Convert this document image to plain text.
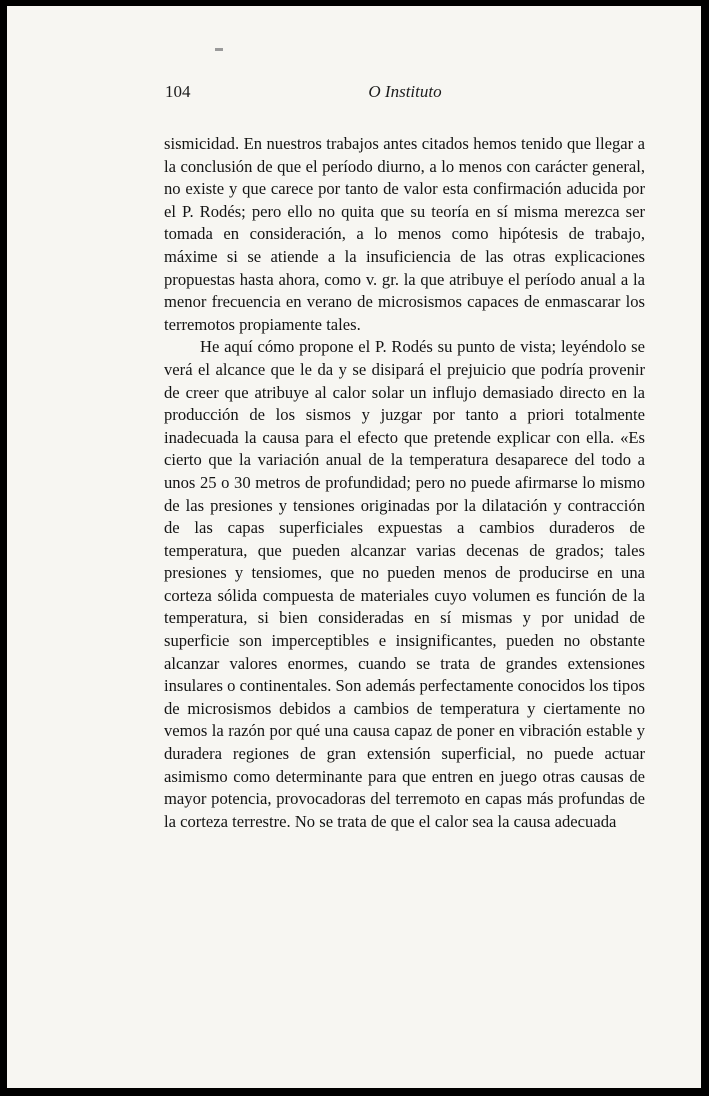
104	O Instituto

sismicidad. En nuestros trabajos antes citados hemos tenido que llegar a la conclusión de que el período diurno, a lo menos con carácter general, no existe y que carece por tanto de valor esta confirmación aducida por el P. Rodés; pero ello no quita que su teoría en sí misma merezca ser tomada en consideración, a lo menos como hipótesis de trabajo, máxime si se atiende a la insuficiencia de las otras explicaciones propuestas hasta ahora, como v. gr. la que atribuye el período anual a la menor frecuencia en verano de microsismos capaces de enmascarar los terremotos propiamente tales.

He aquí cómo propone el P. Rodés su punto de vista; leyéndolo se verá el alcance que le da y se disipará el prejuicio que podría provenir de creer que atribuye al calor solar un influjo demasiado directo en la producción de los sismos y juzgar por tanto a priori totalmente inadecuada la causa para el efecto que pretende explicar con ella. «Es cierto que la variación anual de la temperatura desaparece del todo a unos 25 o 30 metros de profundidad; pero no puede afirmarse lo mismo de las presiones y tensiones originadas por la dilatación y contracción de las capas superficiales expuestas a cambios duraderos de temperatura, que pueden alcanzar varias decenas de grados; tales presiones y tensiomes, que no pueden menos de producirse en una corteza sólida compuesta de materiales cuyo volumen es función de la temperatura, si bien consideradas en sí mismas y por unidad de superficie son imperceptibles e insignificantes, pueden no obstante alcanzar valores enormes, cuando se trata de grandes extensiones insulares o continentales. Son además perfectamente conocidos los tipos de microsismos debidos a cambios de temperatura y ciertamente no vemos la razón por qué una causa capaz de poner en vibración estable y duradera regiones de gran extensión superficial, no puede actuar asimismo como determinante para que entren en juego otras causas de mayor potencia, provocadoras del terremoto en capas más profundas de la corteza terrestre. No se trata de que el calor sea la causa adecuada
